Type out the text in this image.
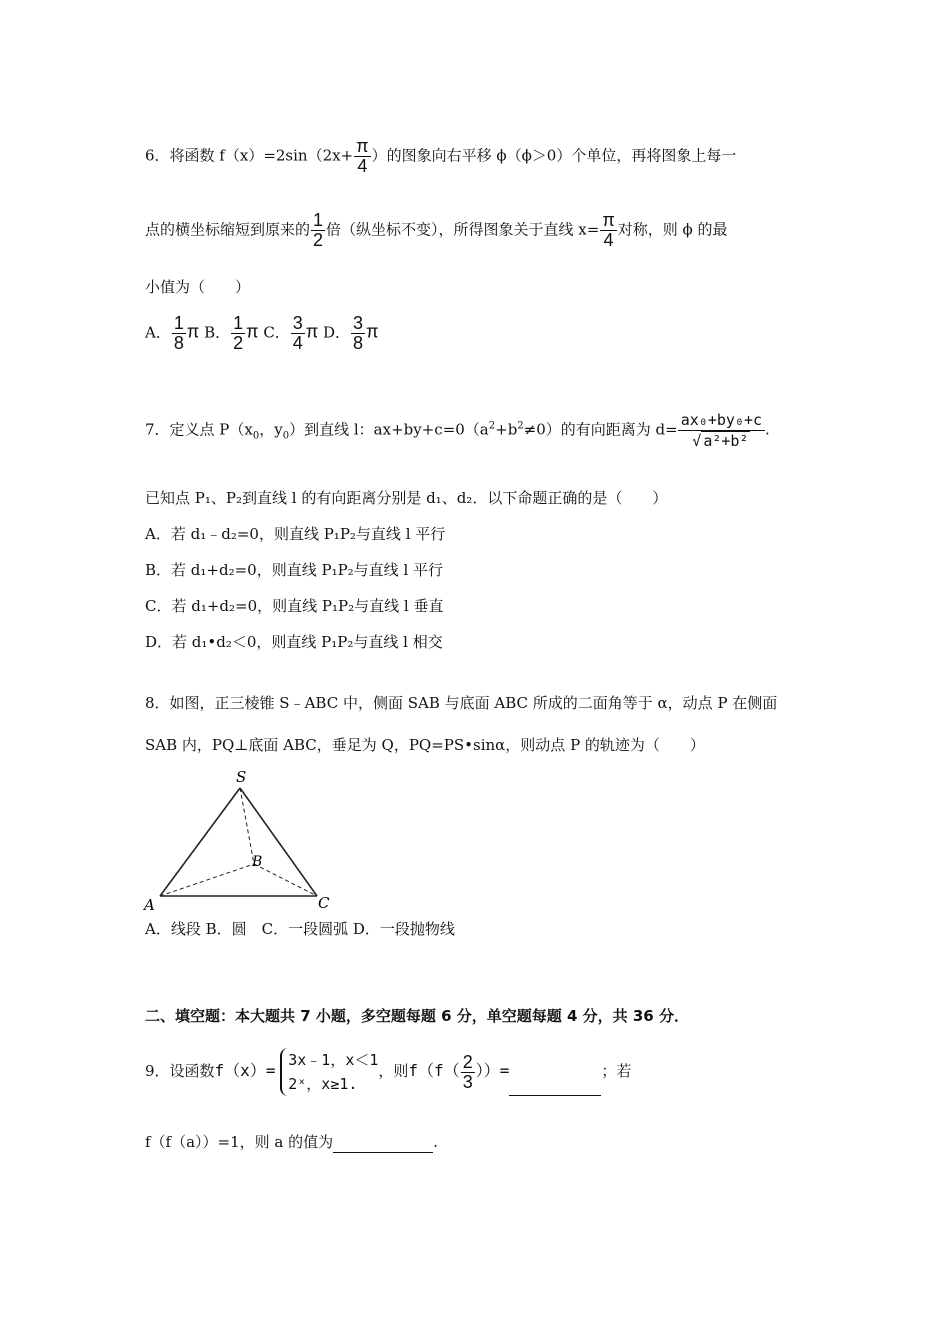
6．将函数 $f(x)=2\sin(2x+ \frac{\pi}{4}$ ）的图象向右平移 ϕ（ϕ＞0）个单位，再将图象上每一
点的横坐标缩短到原来的 $\frac{1}{2}$ 倍（纵坐标不变），所得图象关于直线 $x= \frac{\pi}{4}$ 对称，则 ϕ 的最
小值为（　　）
A． $\frac{1}{8}$ π B． $\frac{1}{2}$ π C． $\frac{3}{4}$ π D． $\frac{3}{8}$ π
7．定义点 $P(x_0$，$y_0$）到直线 l：$ax+by+c=0(a^2+b^2\ne 0)$的有向距离为 $d= \frac{\text{ax₀+by₀+c}}{\text{√ a²+b²}}$ .
已知点 P₁、P₂到直线 l 的有向距离分别是 d₁、d₂．以下命题正确的是（　　）
A．若 d₁﹣d₂=0，则直线 P₁P₂与直线 l 平行
B．若 d₁+d₂=0，则直线 P₁P₂与直线 l 平行
C．若 d₁+d₂=0，则直线 P₁P₂与直线 l 垂直
D．若 d₁•d₂＜0，则直线 P₁P₂与直线 l 相交
8．如图，正三棱锥 S﹣ABC 中，侧面 SAB 与底面 ABC 所成的二面角等于 α，动点 P 在侧面
SAB 内，PQ⊥底面 ABC，垂足为 Q，PQ=PS•sinα，则动点 P 的轨迹为（　　）
S
A
B
C
A．线段 B．圆　C．一段圆弧 D．一段抛物线
二、填空题：本大题共 7 小题，多空题每题 6 分，单空题每题 4 分，共 36 分．
9．设函数f（x）=
3x﹣1，x＜1
2ˣ，x≥1.
，则$f(f( \frac{2}{3}$ ））=	；若
f（f（a））=1，则 a 的值为	.
